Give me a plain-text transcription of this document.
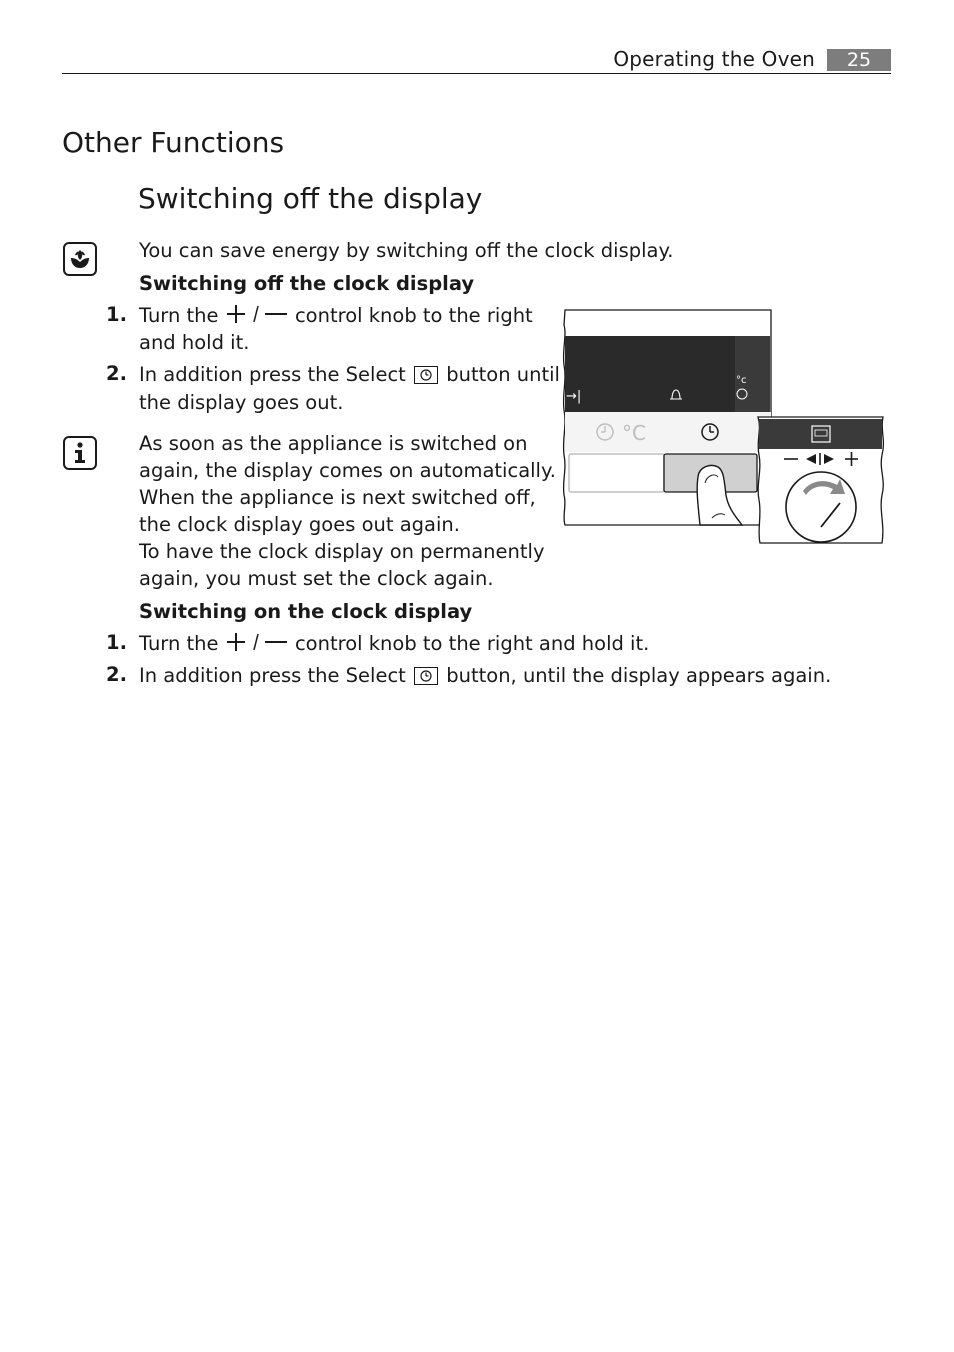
Operating the Oven	25
Other Functions
Switching off the display
You can save energy by switching off the clock display.
Switching off the clock display
1. Turn the	control knob to the right
and hold it.
2. In addition press the Select button until
the display goes out.
As soon as the appliance is switched on
again, the display comes on automatically.
When the appliance is next switched off,
the clock display goes out again.
To have the clock display on permanently
again, you must set the clock again.
→|
°c
°C
Switching on the clock display
1. Turn the	control knob to the right and hold it.
2. In addition press the Select button, until the display appears again.
